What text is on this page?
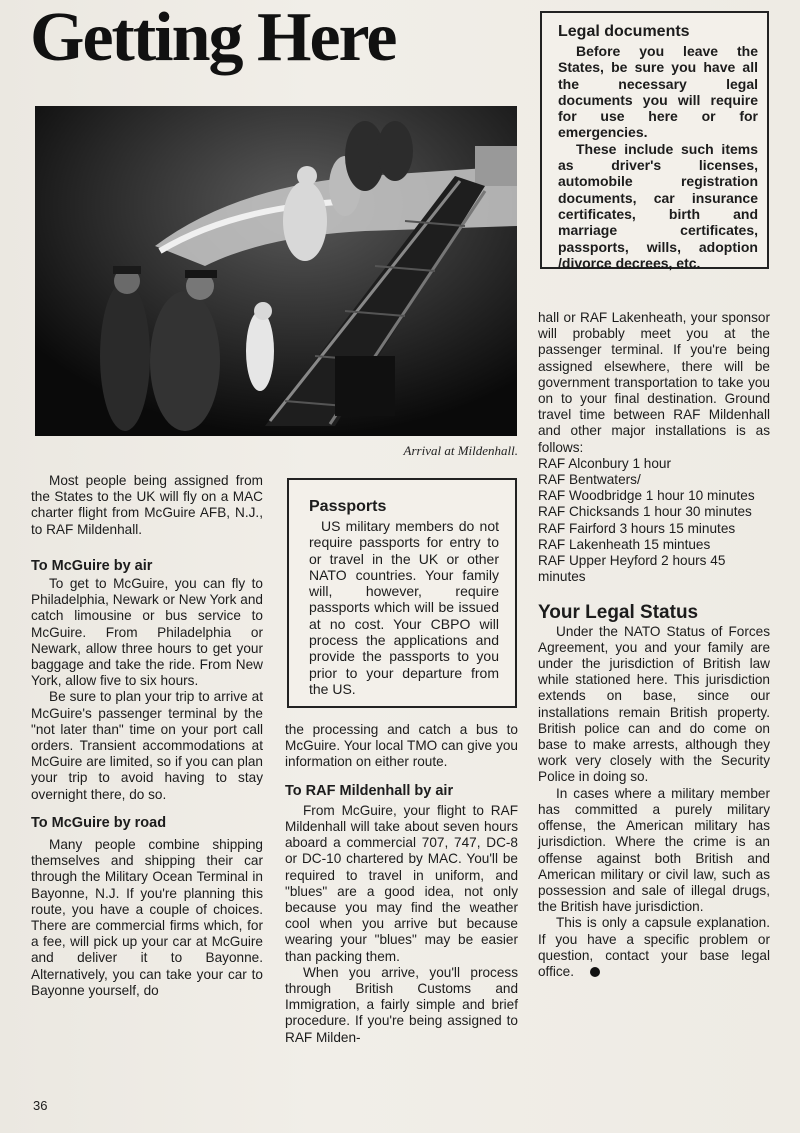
Getting Here
Arrival at Mildenhall.
Legal documents

Before you leave the States, be sure you have all the necessary legal documents you will require for use here or for emergencies.

These include such items as driver's licenses, automobile registration documents, car insurance certificates, birth and marriage certificates, passports, wills, adoption /divorce decrees, etc.

Passports

US military members do not require passports for entry to or travel in the UK or other NATO countries. Your family will, however, require passports which will be issued at no cost. Your CBPO will process the applications and provide the passports to you prior to your departure from the US.

Most people being assigned from the States to the UK will fly on a MAC charter flight from McGuire AFB, N.J., to RAF Mildenhall.

To McGuire by air

To get to McGuire, you can fly to Philadelphia, Newark or New York and catch limousine or bus service to McGuire. From Philadelphia or Newark, allow three hours to get your baggage and take the ride. From New York, allow five to six hours.

Be sure to plan your trip to arrive at McGuire's passenger terminal by the "not later than" time on your port call orders. Transient accommodations at McGuire are limited, so if you can plan your trip to avoid having to stay overnight there, do so.

To McGuire by road

Many people combine shipping themselves and shipping their car through the Military Ocean Terminal in Bayonne, N.J. If you're planning this route, you have a couple of choices. There are commercial firms which, for a fee, will pick up your car at McGuire and deliver it to Bayonne. Alternatively, you can take your car to Bayonne yourself, do

the processing and catch a bus to McGuire. Your local TMO can give you information on either route.

To RAF Mildenhall by air

From McGuire, your flight to RAF Mildenhall will take about seven hours aboard a commercial 707, 747, DC-8 or DC-10 chartered by MAC. You'll be required to travel in uniform, and "blues" are a good idea, not only because you may find the weather cool when you arrive but because wearing your "blues" may be easier than packing them.

When you arrive, you'll process through British Customs and Immigration, a fairly simple and brief procedure. If you're being assigned to RAF Milden-

hall or RAF Lakenheath, your sponsor will probably meet you at the passenger terminal. If you're being assigned elsewhere, there will be government transportation to take you on to your final destination. Ground travel time between RAF Mildenhall and other major installations is as follows:

RAF Alconbury 1 hour
RAF Bentwaters/
RAF Woodbridge 1 hour 10 minutes
RAF Chicksands 1 hour 30 minutes
RAF Fairford 3 hours 15 minutes
RAF Lakenheath 15 mintues
RAF Upper Heyford 2 hours 45 minutes

Your Legal Status

Under the NATO Status of Forces Agreement, you and your family are under the jurisdiction of British law while stationed here. This jurisdiction extends on base, since our installations remain British property. British police can and do come on base to make arrests, although they work very closely with the Security Police in doing so.

In cases where a military member has committed a purely military offense, the American military has jurisdiction. Where the crime is an offense against both British and American military or civil law, such as possession and sale of illegal drugs, the British have jurisdiction.

This is only a capsule explanation. If you have a specific problem or question, contact your base legal office.

36
